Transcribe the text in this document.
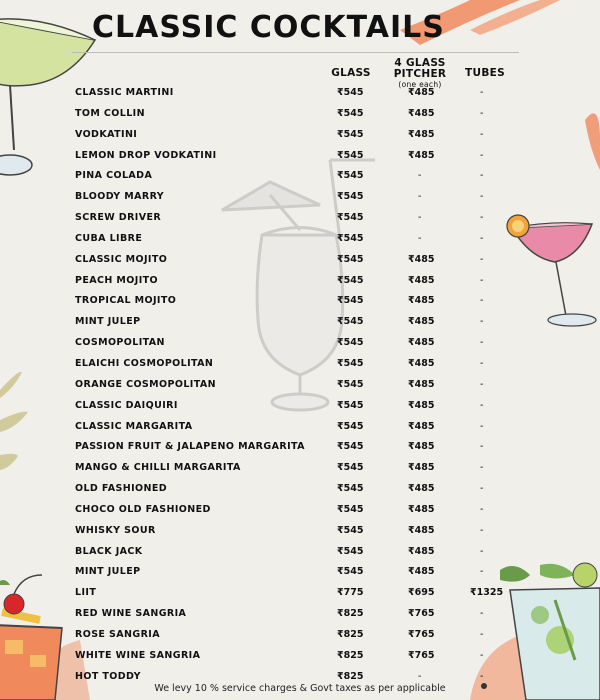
CLASSIC COCKTAILS
GLASS
4 GLASS PITCHER
(one each)
TUBES
CLASSIC MARTINI	₹545	₹485	-
TOM COLLIN	₹545	₹485	-
VODKATINI	₹545	₹485	-
LEMON DROP VODKATINI	₹545	₹485	-
PINA COLADA	₹545	-	-
BLOODY MARRY	₹545	-	-
SCREW DRIVER	₹545	-	-
CUBA LIBRE	₹545	-	-
CLASSIC MOJITO	₹545	₹485	-
PEACH MOJITO	₹545	₹485	-
TROPICAL MOJITO	₹545	₹485	-
MINT JULEP	₹545	₹485	-
COSMOPOLITAN	₹545	₹485	-
ELAICHI COSMOPOLITAN	₹545	₹485	-
ORANGE COSMOPOLITAN	₹545	₹485	-
CLASSIC DAIQUIRI	₹545	₹485	-
CLASSIC MARGARITA	₹545	₹485	-
PASSION FRUIT & JALAPENO MARGARITA	₹545	₹485	-
MANGO & CHILLI MARGARITA	₹545	₹485	-
OLD FASHIONED	₹545	₹485	-
CHOCO OLD FASHIONED	₹545	₹485	-
WHISKY SOUR	₹545	₹485	-
BLACK JACK	₹545	₹485	-
MINT JULEP	₹545	₹485	-
LIIT	₹775	₹695	₹1325
RED WINE SANGRIA	₹825	₹765	-
ROSE SANGRIA	₹825	₹765	-
WHITE WINE SANGRIA	₹825	₹765	-
HOT TODDY	₹825	-	-
We levy 10 % service charges & Govt taxes as per applicable
